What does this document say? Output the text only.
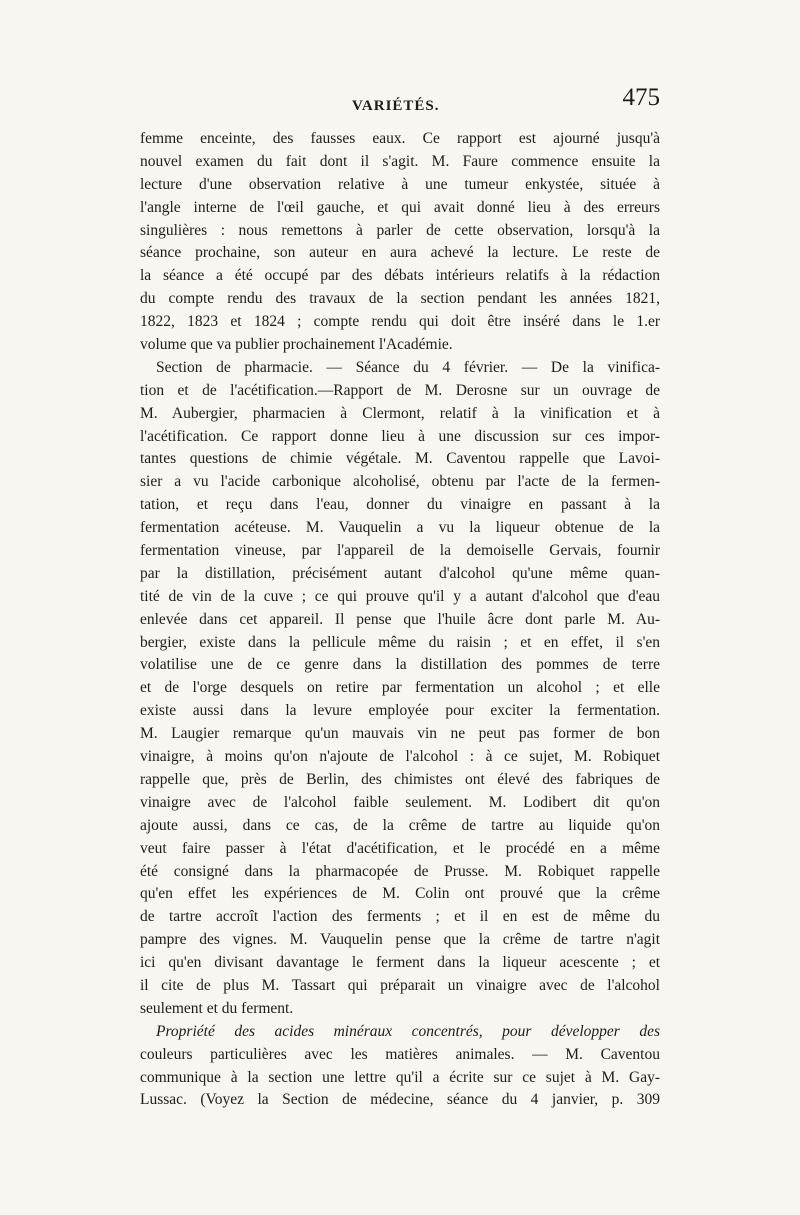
VARIÉTÉS.	475
femme enceinte, des fausses eaux. Ce rapport est ajourné jusqu'à
nouvel examen du fait dont il s'agit. M. Faure commence ensuite la
lecture d'une observation relative à une tumeur enkystée, située à
l'angle interne de l'œil gauche, et qui avait donné lieu à des erreurs
singulières : nous remettons à parler de cette observation, lorsqu'à la
séance prochaine, son auteur en aura achevé la lecture. Le reste de
la séance a été occupé par des débats intérieurs relatifs à la rédaction
du compte rendu des travaux de la section pendant les années 1821,
1822, 1823 et 1824 ; compte rendu qui doit être inséré dans le 1.er
volume que va publier prochainement l'Académie.
Section de pharmacie. — Séance du 4 février. — De la vinifica-
tion et de l'acétification.—Rapport de M. Derosne sur un ouvrage de
M. Aubergier, pharmacien à Clermont, relatif à la vinification et à
l'acétification. Ce rapport donne lieu à une discussion sur ces impor-
tantes questions de chimie végétale. M. Caventou rappelle que Lavoi-
sier a vu l'acide carbonique alcoholisé, obtenu par l'acte de la fermen-
tation, et reçu dans l'eau, donner du vinaigre en passant à la
fermentation acéteuse. M. Vauquelin a vu la liqueur obtenue de la
fermentation vineuse, par l'appareil de la demoiselle Gervais, fournir
par la distillation, précisément autant d'alcohol qu'une même quan-
tité de vin de la cuve ; ce qui prouve qu'il y a autant d'alcohol que d'eau
enlevée dans cet appareil. Il pense que l'huile âcre dont parle M. Au-
bergier, existe dans la pellicule même du raisin ; et en effet, il s'en
volatilise une de ce genre dans la distillation des pommes de terre
et de l'orge desquels on retire par fermentation un alcohol ; et elle
existe aussi dans la levure employée pour exciter la fermentation.
M. Laugier remarque qu'un mauvais vin ne peut pas former de bon
vinaigre, à moins qu'on n'ajoute de l'alcohol : à ce sujet, M. Robiquet
rappelle que, près de Berlin, des chimistes ont élevé des fabriques de
vinaigre avec de l'alcohol faible seulement. M. Lodibert dit qu'on
ajoute aussi, dans ce cas, de la crême de tartre au liquide qu'on
veut faire passer à l'état d'acétification, et le procédé en a même
été consigné dans la pharmacopée de Prusse. M. Robiquet rappelle
qu'en effet les expériences de M. Colin ont prouvé que la crême
de tartre accroît l'action des ferments ; et il en est de même du
pampre des vignes. M. Vauquelin pense que la crême de tartre n'agit
ici qu'en divisant davantage le ferment dans la liqueur acescente ; et
il cite de plus M. Tassart qui préparait un vinaigre avec de l'alcohol
seulement et du ferment.
Propriété des acides minéraux concentrés, pour développer des
couleurs particulières avec les matières animales. — M. Caventou
communique à la section une lettre qu'il a écrite sur ce sujet à M. Gay-
Lussac. (Voyez la Section de médecine, séance du 4 janvier, p. 309
